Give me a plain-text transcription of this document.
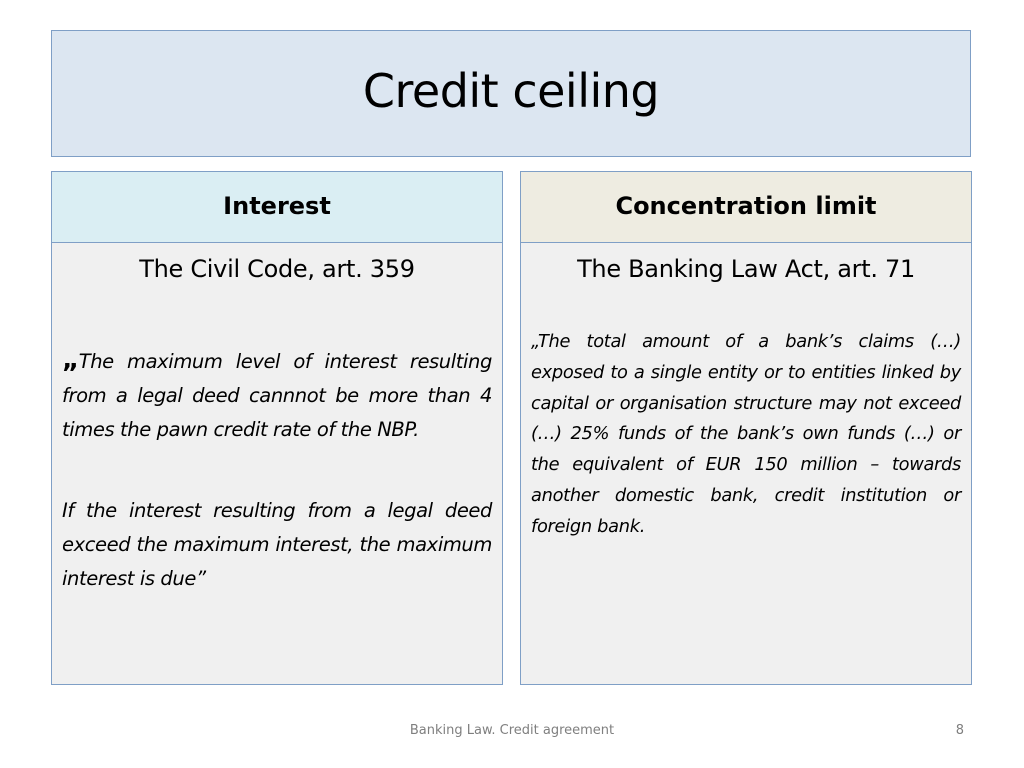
Credit ceiling
Interest
The Civil Code, art. 359
„The maximum level of interest resulting from a legal deed cannnot be more than 4 times the pawn credit rate of the NBP.
If the interest resulting from a legal deed exceed the maximum interest, the maximum interest is due”
Concentration limit
The Banking Law Act, art. 71
„The total amount of a bank’s claims (…) exposed to a single entity or to entities linked by capital or organisation structure may not exceed (…) 25% funds of the bank’s own funds (…) or the equivalent of EUR 150 million – towards another domestic bank, credit institution or foreign bank.
Banking Law. Credit agreement	8
